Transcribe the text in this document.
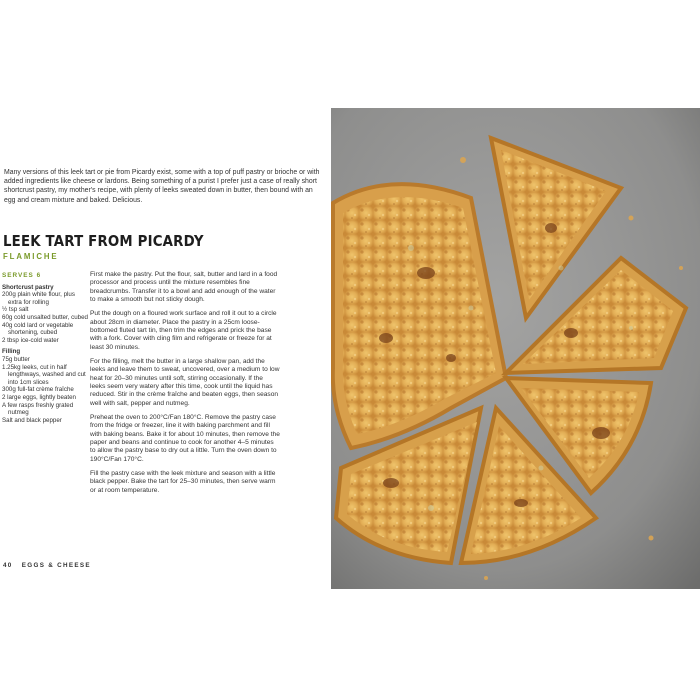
Many versions of this leek tart or pie from Picardy exist, some with a top of puff pastry or brioche or with added ingredients like cheese or lardons. Being something of a purist I prefer just a case of really short shortcrust pastry, my mother's recipe, with plenty of leeks sweated down in butter, then bound with an egg and cream mixture and baked. Delicious.
LEEK TART FROM PICARDY
FLAMICHE
SERVES 6
Shortcrust pastry
200g plain white flour, plus extra for rolling
½ tsp salt
60g cold unsalted butter, cubed
40g cold lard or vegetable shortening, cubed
2 tbsp ice-cold water
Filling
75g butter
1.25kg leeks, cut in half lengthways, washed and cut into 1cm slices
300g full-fat crème fraîche
2 large eggs, lightly beaten
A few rasps freshly grated nutmeg
Salt and black pepper

First make the pastry. Put the flour, salt, butter and lard in a food processor and process until the mixture resembles fine breadcrumbs. Transfer it to a bowl and add enough of the water to make a smooth but not sticky dough.

Put the dough on a floured work surface and roll it out to a circle about 28cm in diameter. Place the pastry in a 25cm loose-bottomed fluted tart tin, then trim the edges and prick the base with a fork. Cover with cling film and refrigerate or freeze for at least 30 minutes.

For the filling, melt the butter in a large shallow pan, add the leeks and leave them to sweat, uncovered, over a medium to low heat for 20–30 minutes until soft, stirring occasionally. If the leeks seem very watery after this time, cook until the liquid has reduced. Stir in the crème fraîche and beaten eggs, then season well with salt, pepper and nutmeg.

Preheat the oven to 200°C/Fan 180°C. Remove the pastry case from the fridge or freezer, line it with baking parchment and fill with baking beans. Bake it for about 10 minutes, then remove the paper and beans and continue to cook for another 4–5 minutes to allow the pastry base to dry out a little. Turn the oven down to 190°C/Fan 170°C.

Fill the pastry case with the leek mixture and season with a little black pepper. Bake the tart for 25–30 minutes, then serve warm or at room temperature.

40 EGGS & CHEESE
